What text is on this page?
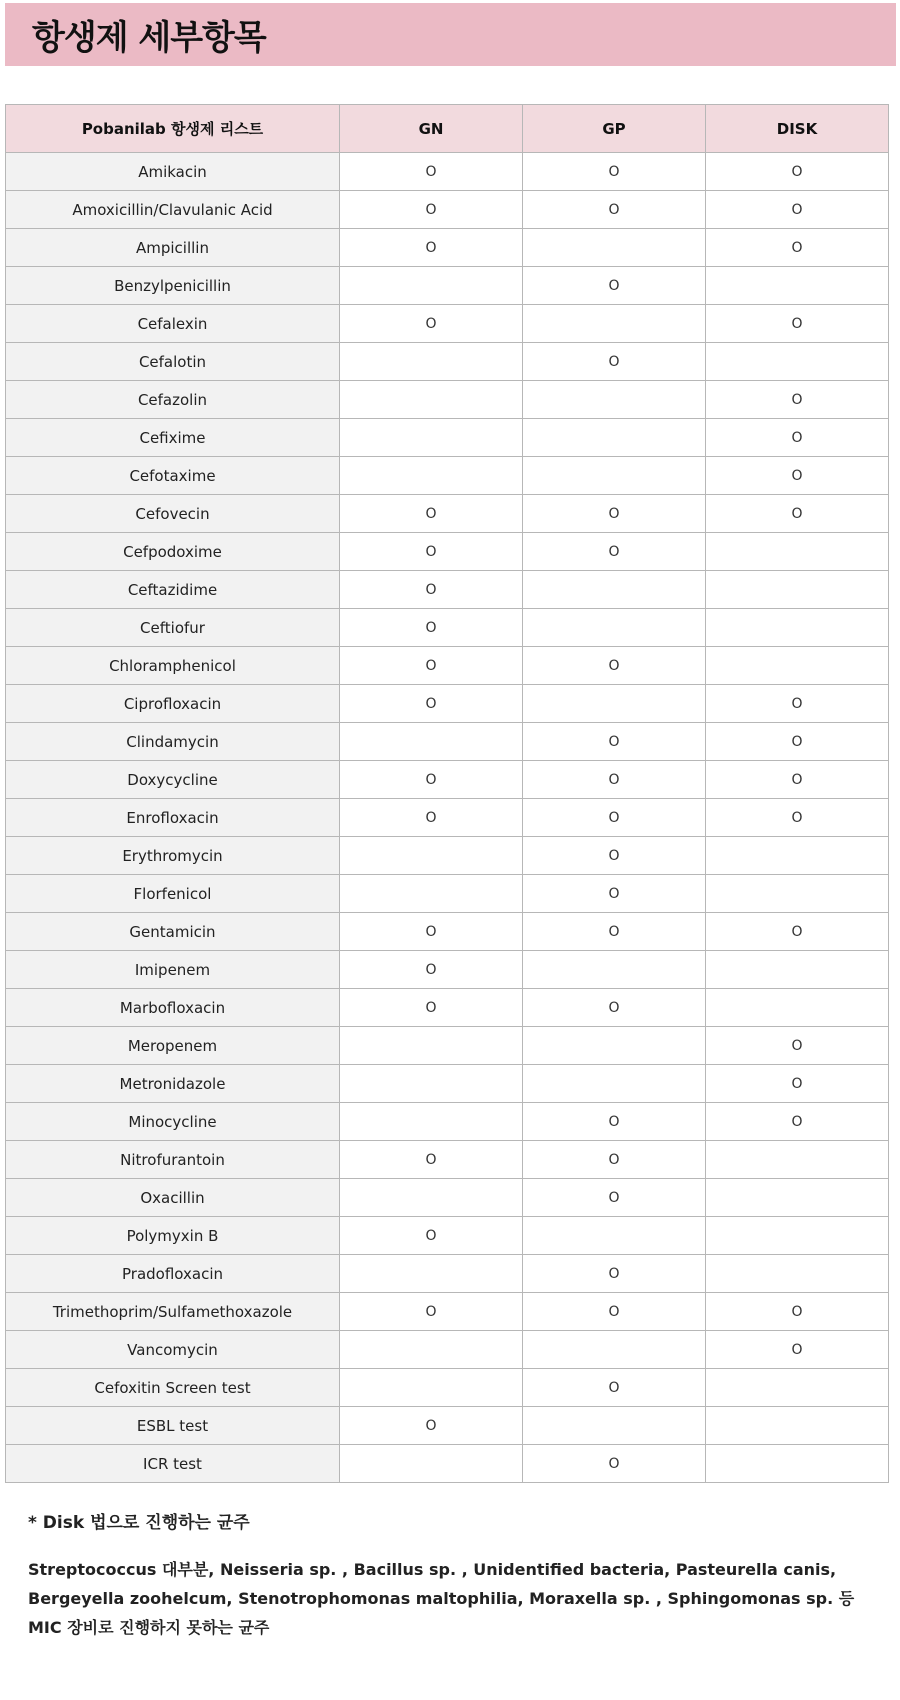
항생제 세부항목
Pobanilab 항생제 리스트	GN	GP	DISK
Amikacin	O	O	O
Amoxicillin/Clavulanic Acid	O	O	O
Ampicillin	O		O
Benzylpenicillin		O	
Cefalexin	O		O
Cefalotin		O	
Cefazolin			O
Cefixime			O
Cefotaxime			O
Cefovecin	O	O	O
Cefpodoxime	O	O	
Ceftazidime	O		
Ceftiofur	O		
Chloramphenicol	O	O	
Ciprofloxacin	O		O
Clindamycin		O	O
Doxycycline	O	O	O
Enrofloxacin	O	O	O
Erythromycin		O	
Florfenicol		O	
Gentamicin	O	O	O
Imipenem	O		
Marbofloxacin	O	O	
Meropenem			O
Metronidazole			O
Minocycline		O	O
Nitrofurantoin	O	O	
Oxacillin		O	
Polymyxin B	O		
Pradofloxacin		O	
Trimethoprim/Sulfamethoxazole	O	O	O
Vancomycin			O
Cefoxitin Screen test		O	
ESBL test	O		
ICR test		O	

* Disk 법으로 진행하는 균주

Streptococcus 대부분, Neisseria sp. , Bacillus sp. , Unidentified bacteria, Pasteurella canis,

Bergeyella zoohelcum, Stenotrophomonas maltophilia, Moraxella sp. , Sphingomonas sp. 등

MIC 장비로 진행하지 못하는 균주
